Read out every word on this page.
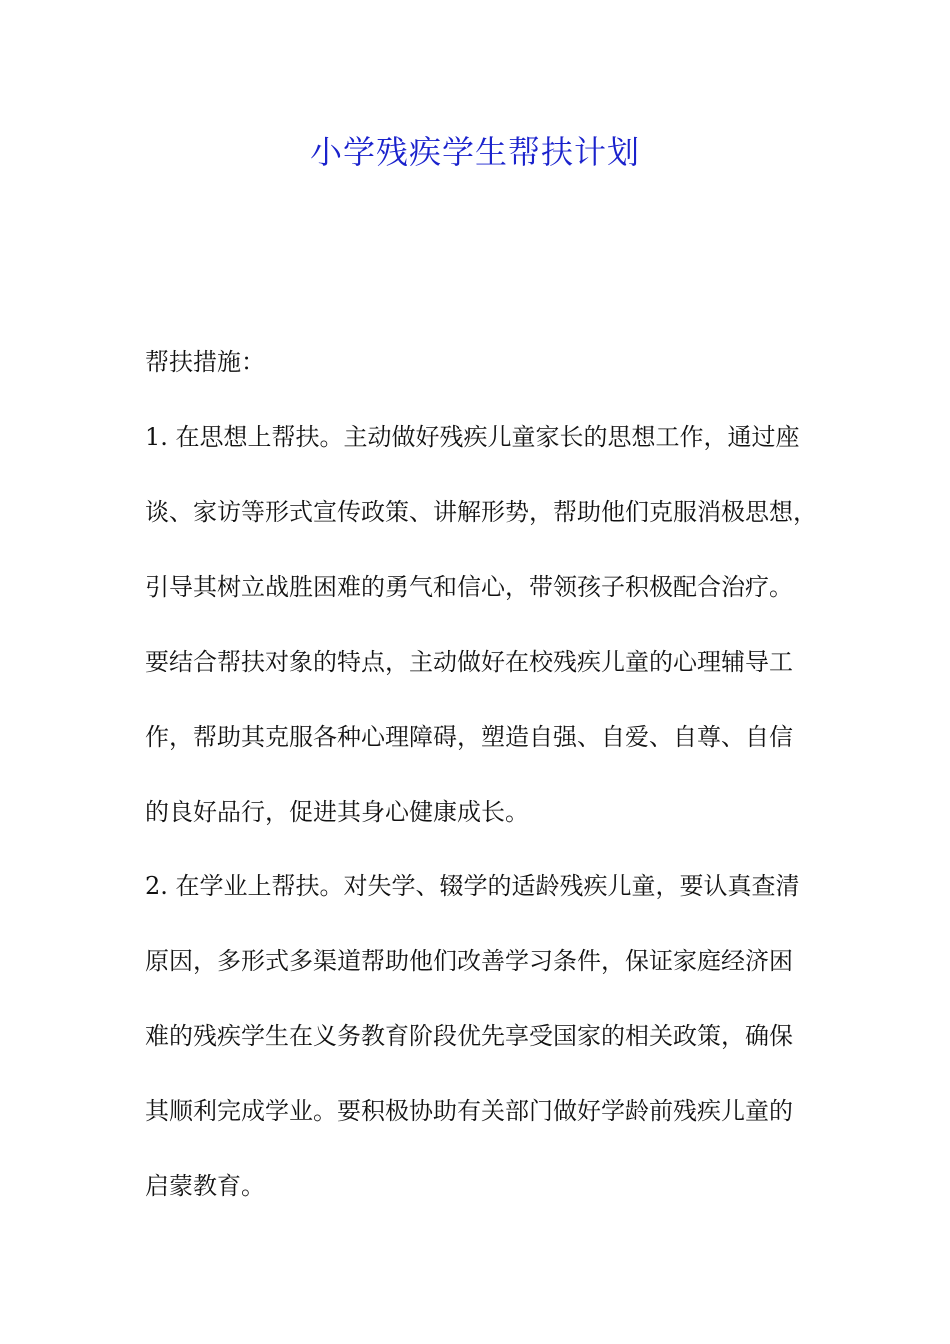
小学残疾学生帮扶计划

帮扶措施：

1. 在思想上帮扶。主动做好残疾儿童家长的思想工作，通过座

谈、家访等形式宣传政策、讲解形势，帮助他们克服消极思想，

引导其树立战胜困难的勇气和信心，带领孩子积极配合治疗。

要结合帮扶对象的特点，主动做好在校残疾儿童的心理辅导工

作，帮助其克服各种心理障碍，塑造自强、自爱、自尊、自信

的良好品行，促进其身心健康成长。

2. 在学业上帮扶。对失学、辍学的适龄残疾儿童，要认真查清

原因，多形式多渠道帮助他们改善学习条件，保证家庭经济困

难的残疾学生在义务教育阶段优先享受国家的相关政策，确保

其顺利完成学业。要积极协助有关部门做好学龄前残疾儿童的

启蒙教育。
